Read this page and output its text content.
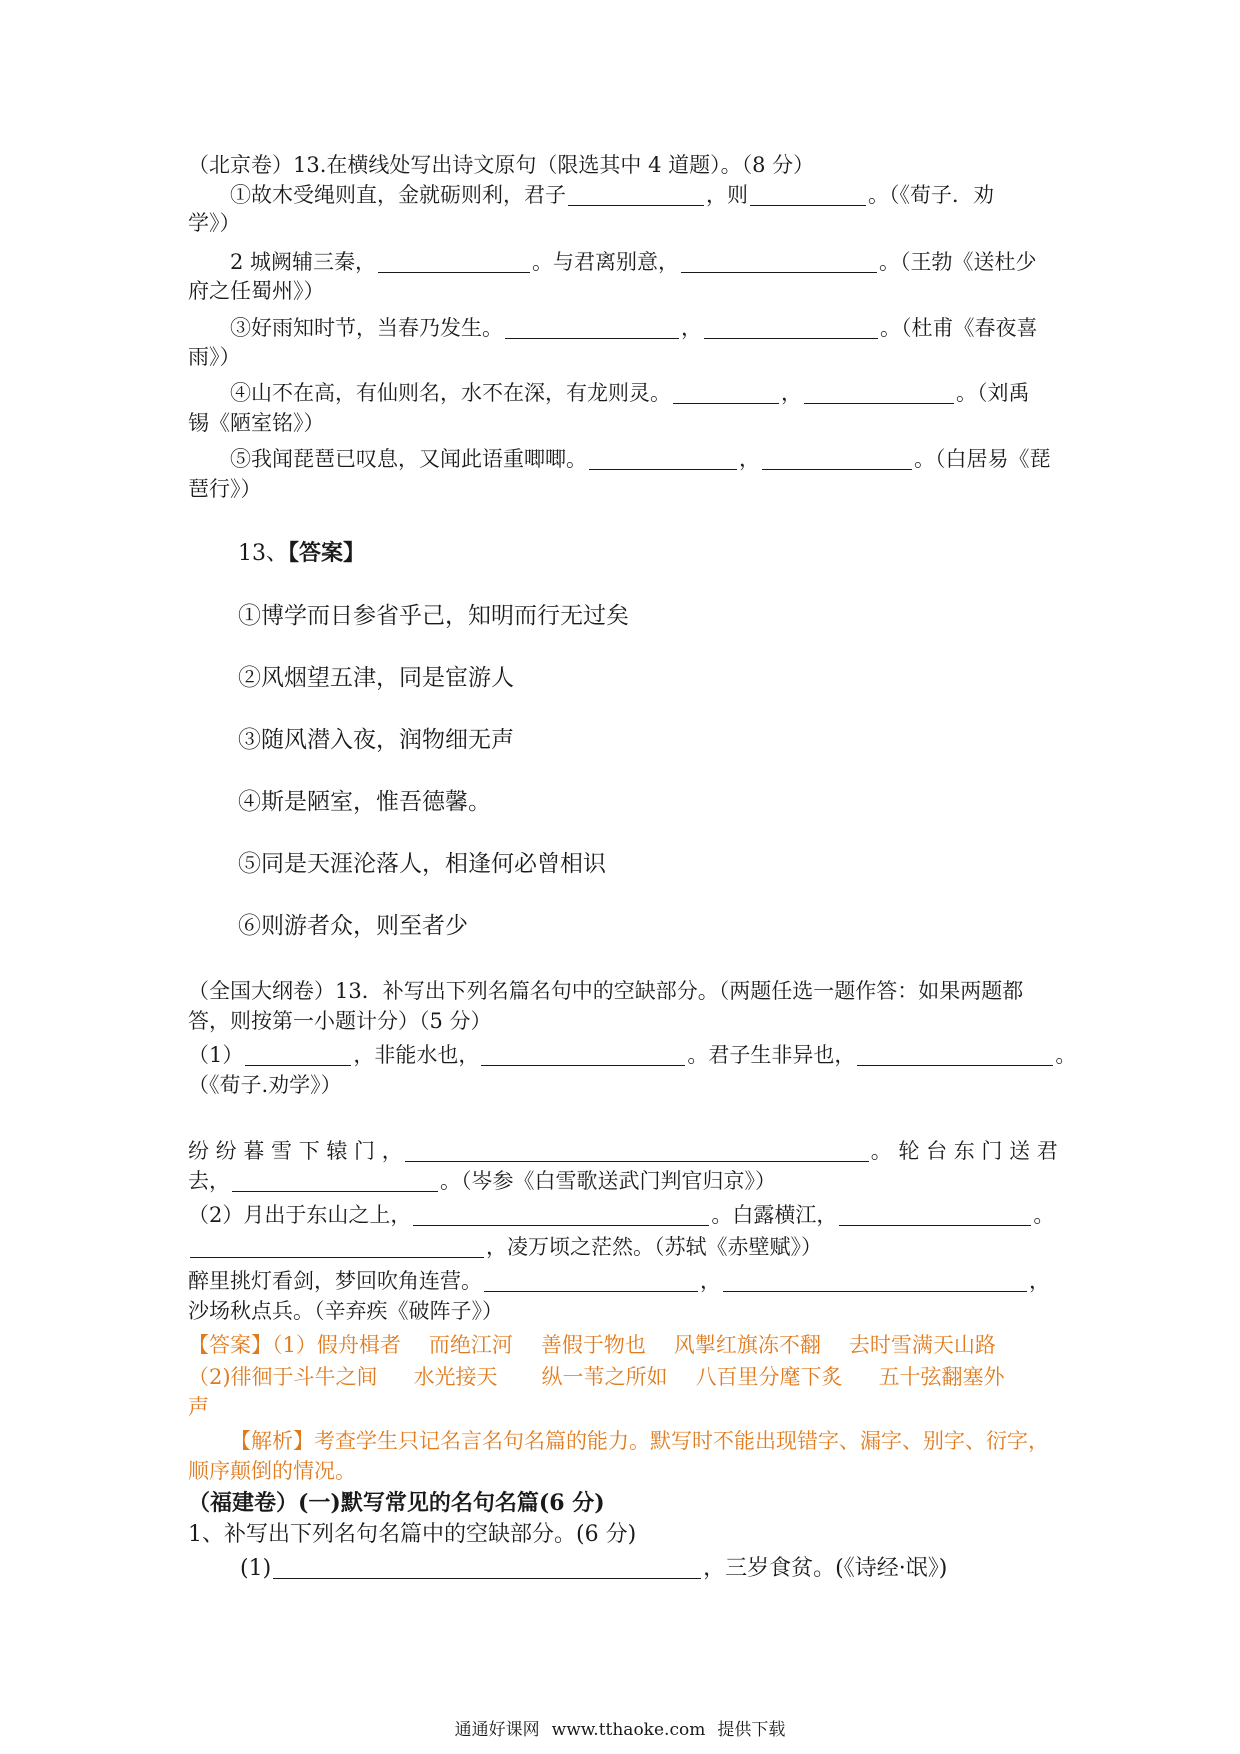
（北京卷）13.在横线处写出诗文原句（限选其中 4 道题）。（8 分）
①故木受绳则直，金就砺则利，君子	，则	。（《荀子．劝
学》）
2 城阙辅三秦，	。与君离别意，	。（王勃《送杜少
府之任蜀州》）
③好雨知时节，当春乃发生。	，	。（杜甫《春夜喜
雨》）
④山不在高，有仙则名，水不在深，有龙则灵。	，	。（刘禹
锡《陋室铭》）
⑤我闻琵琶已叹息，又闻此语重唧唧。	，	。（白居易《琵
琶行》）
13、【答案】
①博学而日参省乎己，知明而行无过矣
②风烟望五津，同是宦游人
③随风潜入夜，润物细无声
④斯是陋室，惟吾德馨。
⑤同是天涯沦落人，相逢何必曾相识
⑥则游者众，则至者少
（全国大纲卷）13．补写出下列名篇名句中的空缺部分。（两题任选一题作答：如果两题都
答，则按第一小题计分）（5 分）
（1）	，非能水也，	。君子生非异也，	。
（《荀子.劝学》）
纷 纷 暮 雪 下 辕 门 ，	。 轮 台 东 门 送 君
去，	。（岑参《白雪歌送武门判官归京》）
（2）月出于东山之上，	。白露横江，	。
，凌万顷之茫然。（苏轼《赤壁赋》）
醉里挑灯看剑，梦回吹角连营。	，	，
沙场秋点兵。（辛弃疾《破阵子》）
【答案】（1）假舟楫者 而绝江河 善假于物也 风掣红旗冻不翻 去时雪满天山路
（2)徘徊于斗牛之间 水光接天 纵一苇之所如 八百里分麾下炙 五十弦翻塞外
声
【解析】考查学生只记名言名句名篇的能力。默写时不能出现错字、漏字、别字、衍字，
顺序颠倒的情况。
（福建卷）(一)默写常见的名句名篇(6 分)
1、补写出下列名句名篇中的空缺部分。(6 分)
(1)	，三岁食贫。(《诗经·氓》)
通通好课网 www.tthaoke.com 提供下载
